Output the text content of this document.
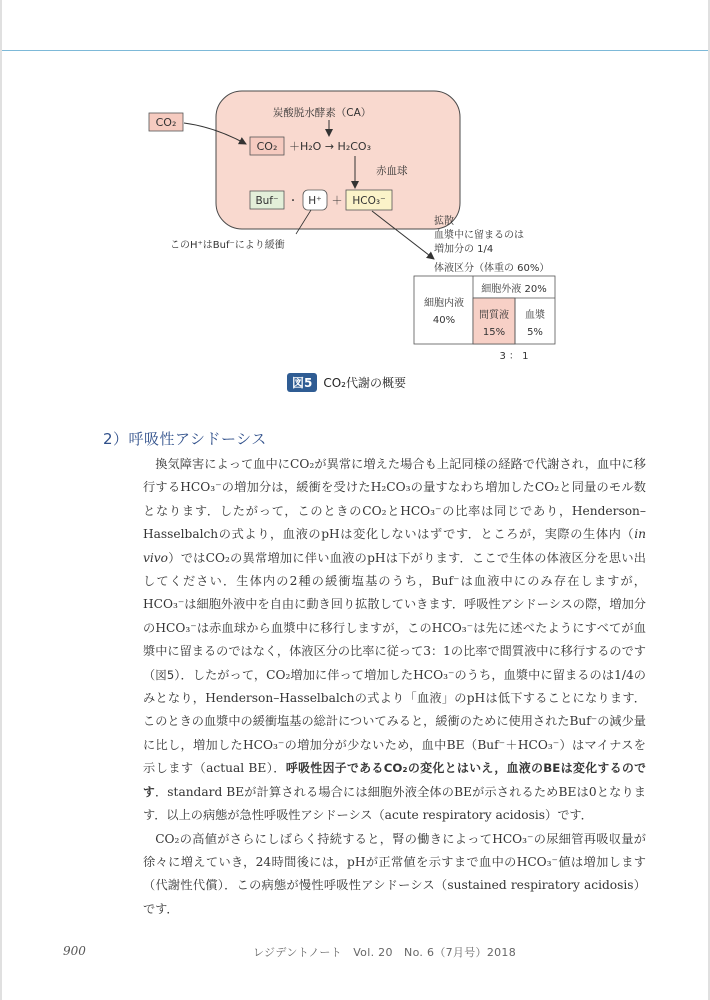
CO₂
炭酸脱水酵素（CA）
CO₂ ＋H₂O → H₂CO₃
赤血球
Buf⁻ ・ H⁺ ＋ HCO₃⁻
このH⁺はBuf⁻により緩衝
拡散
血漿中に留まるのは
増加分の 1/4
体液区分（体重の 60%）
細胞外液 20%
細胞内液
40% 間質液
15%
血漿
5%
3 ： 1
図5 CO₂代謝の概要
2）呼吸性アシドーシス

換気障害によって血中にCO₂が異常に増えた場合も上記同様の経路で代謝され，血中に移行するHCO₃⁻の増加分は，緩衝を受けたH₂CO₃の量すなわち増加したCO₂と同量のモル数となります．したがって，このときのCO₂とHCO₃⁻の比率は同じであり，Henderson–Hasselbalchの式より，血液のpHは変化しないはずです．ところが，実際の生体内（in vivo）ではCO₂の異常増加に伴い血液のpHは下がります．ここで生体の体液区分を思い出してください．生体内の2種の緩衝塩基のうち，Buf⁻は血液中にのみ存在しますが，HCO₃⁻は細胞外液中を自由に動き回り拡散していきます．呼吸性アシドーシスの際，増加分のHCO₃⁻は赤血球から血漿中に移行しますが，このHCO₃⁻は先に述べたようにすべてが血漿中に留まるのではなく，体液区分の比率に従って3：1の比率で間質液中に移行するのです（図5）．したがって，CO₂増加に伴って増加したHCO₃⁻のうち，血漿中に留まるのは1/4のみとなり，Henderson–Hasselbalchの式より「血液」のpHは低下することになります．このときの血漿中の緩衝塩基の総計についてみると，緩衝のために使用されたBuf⁻の減少量に比し，増加したHCO₃⁻の増加分が少ないため，血中BE（Buf⁻＋HCO₃⁻）はマイナスを示します（actual BE）．呼吸性因子であるCO₂の変化とはいえ，血液のBEは変化するのです．standard BEが計算される場合には細胞外液全体のBEが示されるためBEは0となります．以上の病態が急性呼吸性アシドーシス（acute respiratory acidosis）です．

CO₂の高値がさらにしばらく持続すると，腎の働きによってHCO₃⁻の尿細管再吸収量が徐々に増えていき，24時間後には，pHが正常値を示すまで血中のHCO₃⁻値は増加します（代謝性代償）．この病態が慢性呼吸性アシドーシス（sustained respiratory acidosis）です．

900	レジデントノート　Vol. 20　No. 6（7月号）2018
